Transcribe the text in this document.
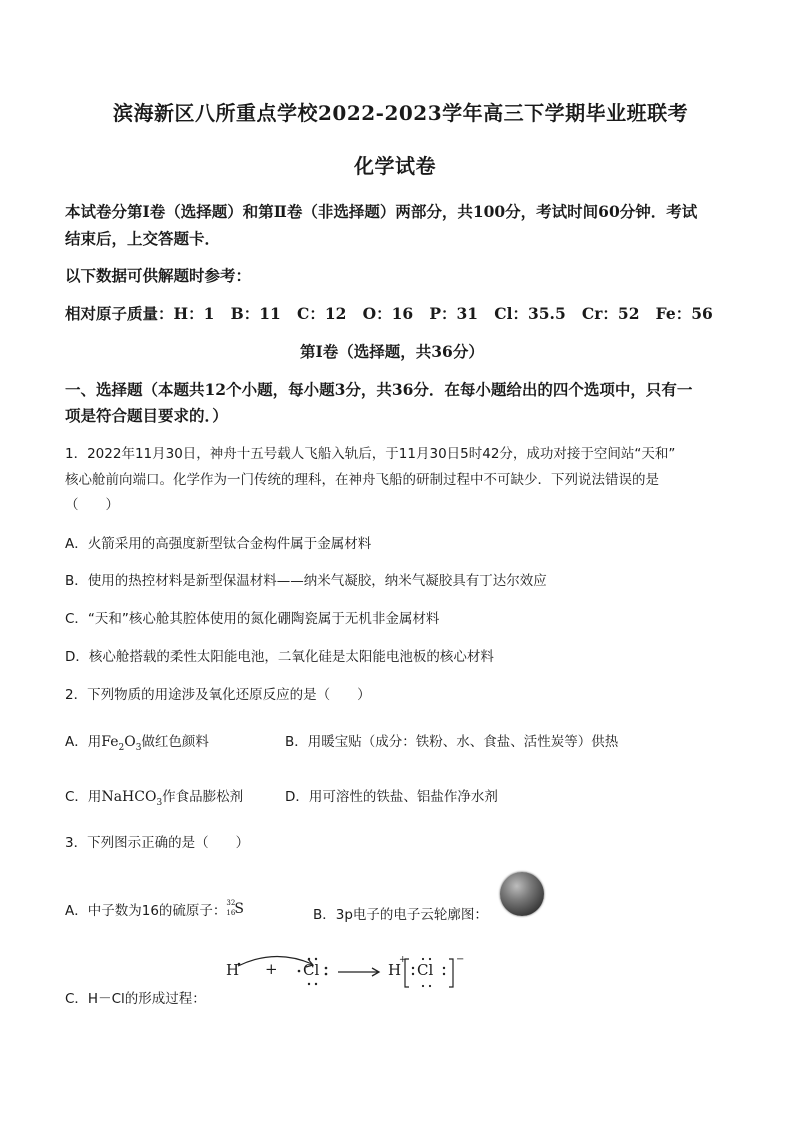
滨海新区八所重点学校2022-2023学年高三下学期毕业班联考
化学试卷
本试卷分第Ⅰ卷（选择题）和第Ⅱ卷（非选择题）两部分，共100分，考试时间60分钟．考试
结束后，上交答题卡．
以下数据可供解题时参考：
相对原子质量：H：1   B：11   C：12   O：16   P：31   Cl：35.5   Cr：52   Fe：56
第Ⅰ卷（选择题，共36分）
一、选择题（本题共12个小题，每小题3分，共36分．在每小题给出的四个选项中，只有一
项是符合题目要求的．）
1．2022年11月30日，神舟十五号载人飞船入轨后，于11月30日5时42分，成功对接于空间站“天和”
核心舱前向端口。化学作为一门传统的理科，在神舟飞船的研制过程中不可缺少．下列说法错误的是
（　　）
A．火箭采用的高强度新型钛合金构件属于金属材料
B．使用的热控材料是新型保温材料——纳米气凝胶，纳米气凝胶具有丁达尔效应
C．“天和”核心舱其腔体使用的氮化硼陶瓷属于无机非金属材料
D．核心舱搭载的柔性太阳能电池，二氧化硅是太阳能电池板的核心材料
2．下列物质的用途涉及氧化还原反应的是（　　）
A．用$Fe_2O_3$做红色颜料	B．用暖宝贴（成分：铁粉、水、食盐、活性炭等）供热
C．用NaHCO$_3$作食品膨松剂	D．用可溶性的铁盐、铝盐作净水剂
3．下列图示正确的是（　　）
A．中子数为16的硫原子： 32
16 S	B．3p电子的电子云轮廓图：
C．H－Cl的形成过程：
H + Cl	H
+
Cl
−
